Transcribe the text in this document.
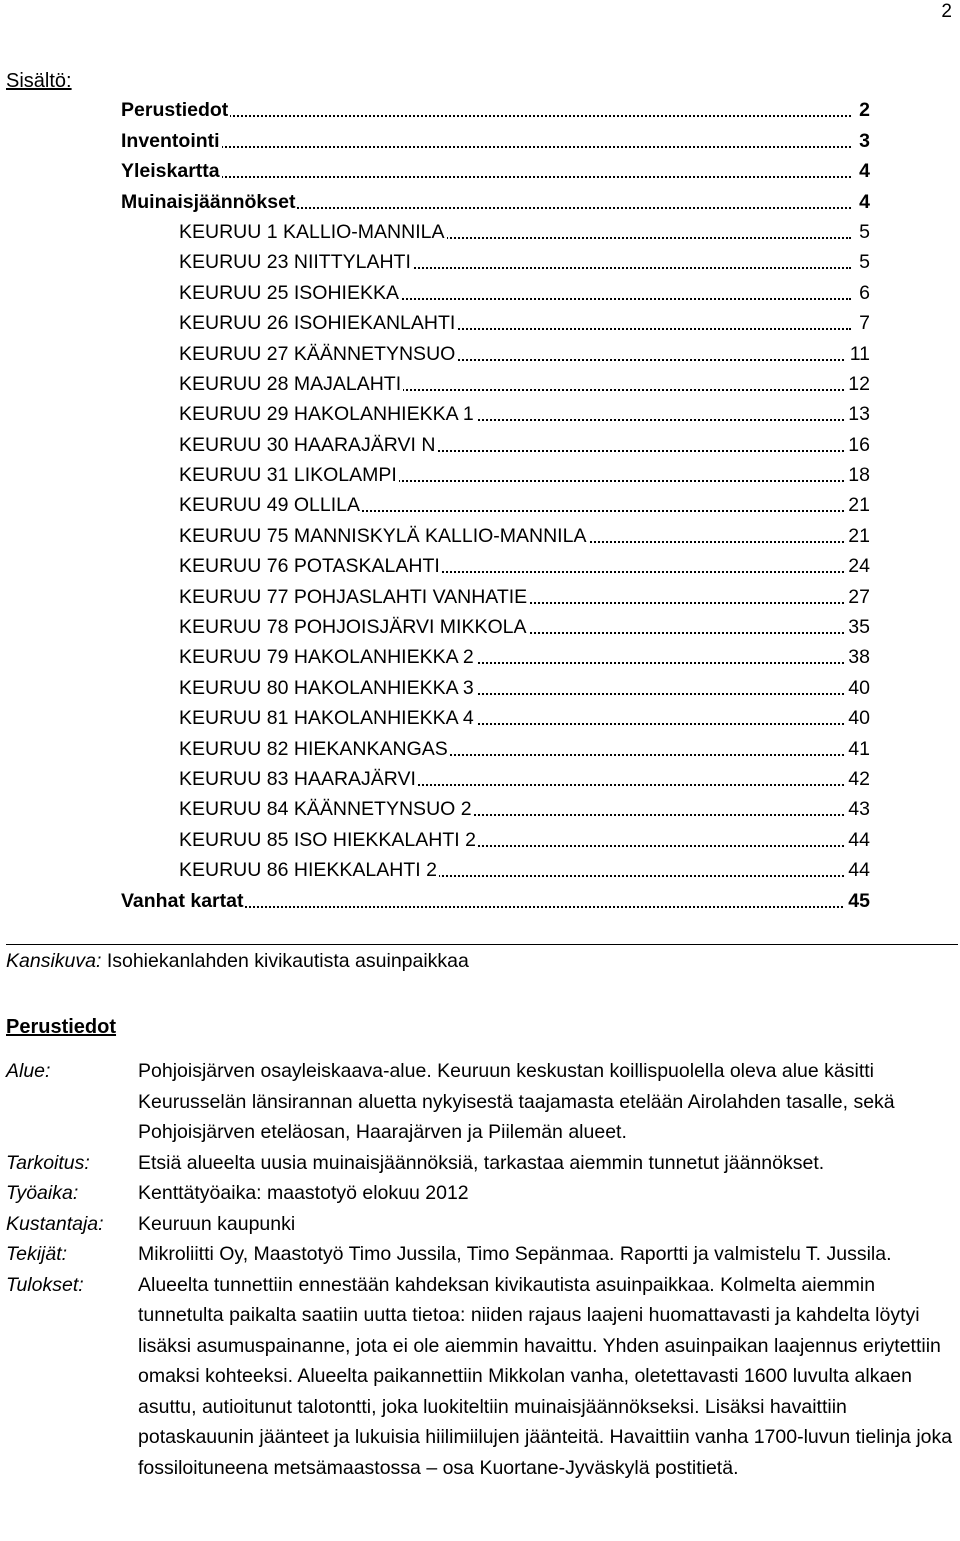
2
Sisältö:
Perustiedot	2
Inventointi	3
Yleiskartta	4
Muinaisjäännökset	4
KEURUU 1 KALLIO-MANNILA	5
KEURUU 23 NIITTYLAHTI	5
KEURUU 25 ISOHIEKKA	6
KEURUU 26 ISOHIEKANLAHTI	7
KEURUU 27 KÄÄNNETYNSUO	11
KEURUU 28 MAJALAHTI	12
KEURUU 29 HAKOLANHIEKKA 1	13
KEURUU 30 HAARAJÄRVI N	16
KEURUU 31 LIKOLAMPI	18
KEURUU 49 OLLILA	21
KEURUU 75 MANNISKYLÄ KALLIO-MANNILA	21
KEURUU 76 POTASKALAHTI	24
KEURUU 77 POHJASLAHTI VANHATIE	27
KEURUU 78 POHJOISJÄRVI MIKKOLA	35
KEURUU 79 HAKOLANHIEKKA 2	38
KEURUU 80 HAKOLANHIEKKA 3	40
KEURUU 81 HAKOLANHIEKKA 4	40
KEURUU 82 HIEKANKANGAS	41
KEURUU 83 HAARAJÄRVI	42
KEURUU 84 KÄÄNNETYNSUO 2	43
KEURUU 85 ISO HIEKKALAHTI 2	44
KEURUU 86 HIEKKALAHTI 2	44
Vanhat kartat	45
Kansikuva: Isohiekanlahden kivikautista asuinpaikkaa
Perustiedot
Alue:	Pohjoisjärven osayleiskaava-alue. Keuruun keskustan koillispuolella oleva alue käsitti Keurusselän länsirannan aluetta nykyisestä taajamasta etelään Airolahden tasalle, sekä Pohjoisjärven eteläosan, Haarajärven ja Piilemän alueet.
Tarkoitus: Etsiä alueelta uusia muinaisjäännöksiä, tarkastaa aiemmin tunnetut jäännökset.
Työaika:	Kenttätyöaika: maastotyö elokuu 2012
Kustantaja: Keuruun kaupunki
Tekijät:	Mikroliitti Oy, Maastotyö Timo Jussila, Timo Sepänmaa. Raportti ja valmistelu T. Jussila.
Tulokset:	Alueelta tunnettiin ennestään kahdeksan kivikautista asuinpaikkaa. Kolmelta aiemmin tunnetulta paikalta saatiin uutta tietoa: niiden rajaus laajeni huomattavasti ja kahdelta löytyi lisäksi asumuspainanne, jota ei ole aiemmin havaittu. Yhden asuinpaikan laajennus eriytettiin omaksi kohteeksi. Alueelta paikannettiin Mikkolan vanha, oletettavasti 1600 luvulta alkaen asuttu, autioitunut talotontti, joka luokiteltiin muinaisjäännökseksi. Lisäksi havaittiin potaskauunin jäänteet ja lukuisia hiilimiilujen jäänteitä. Havaittiin vanha 1700-luvun tielinja joka fossiloituneena metsämaastossa – osa Kuortane-Jyväskylä postitietä.
